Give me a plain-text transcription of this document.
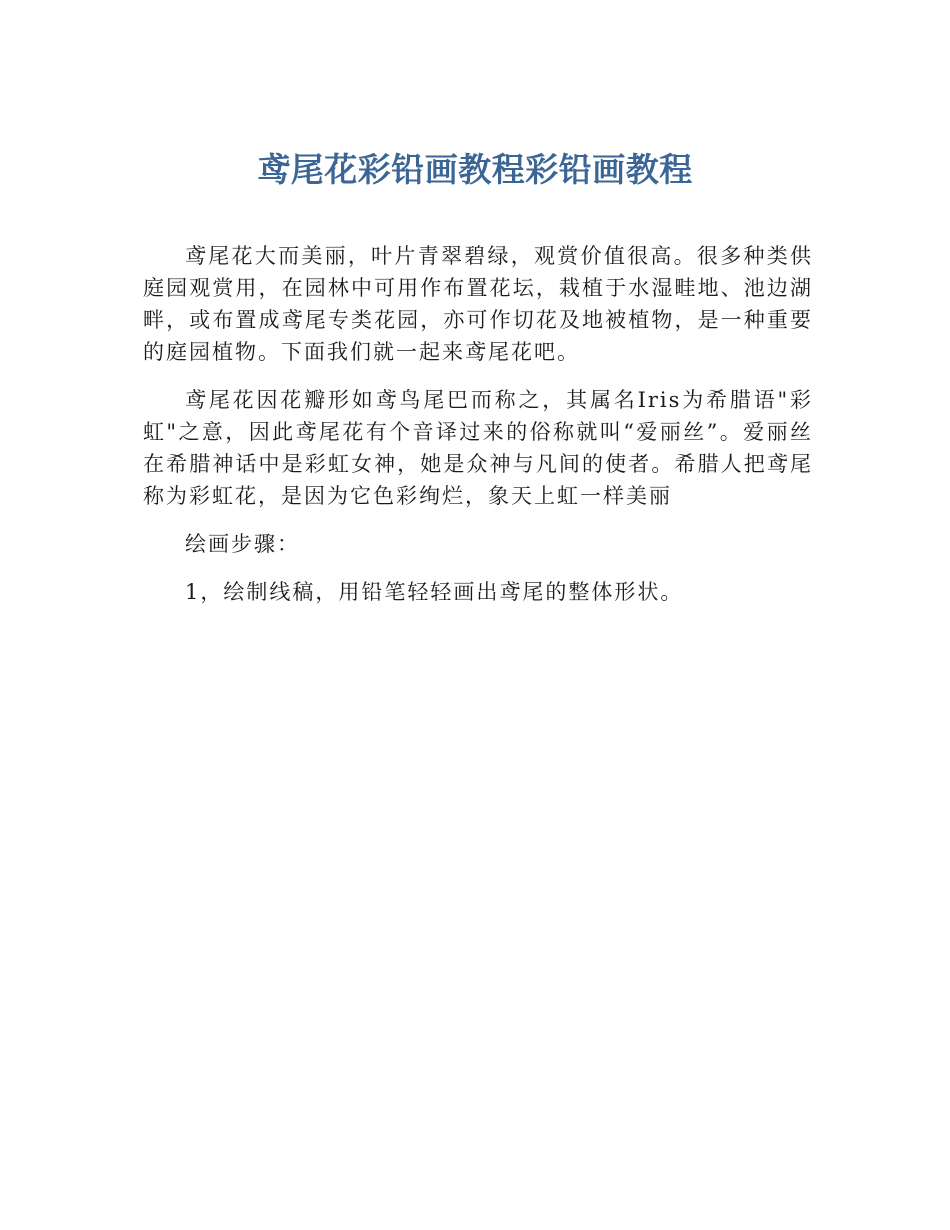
鸢尾花彩铅画教程彩铅画教程

鸢尾花大而美丽，叶片青翠碧绿，观赏价值很高。很多种类供庭园观赏用，在园林中可用作布置花坛，栽植于水湿畦地、池边湖畔，或布置成鸢尾专类花园，亦可作切花及地被植物，是一种重要的庭园植物。下面我们就一起来鸢尾花吧。

鸢尾花因花瓣形如鸢鸟尾巴而称之，其属名Iris为希腊语"彩虹"之意，因此鸢尾花有个音译过来的俗称就叫“爱丽丝”。爱丽丝在希腊神话中是彩虹女神，她是众神与凡间的使者。希腊人把鸢尾称为彩虹花，是因为它色彩绚烂，象天上虹一样美丽

绘画步骤：

1，绘制线稿，用铅笔轻轻画出鸢尾的整体形状。
